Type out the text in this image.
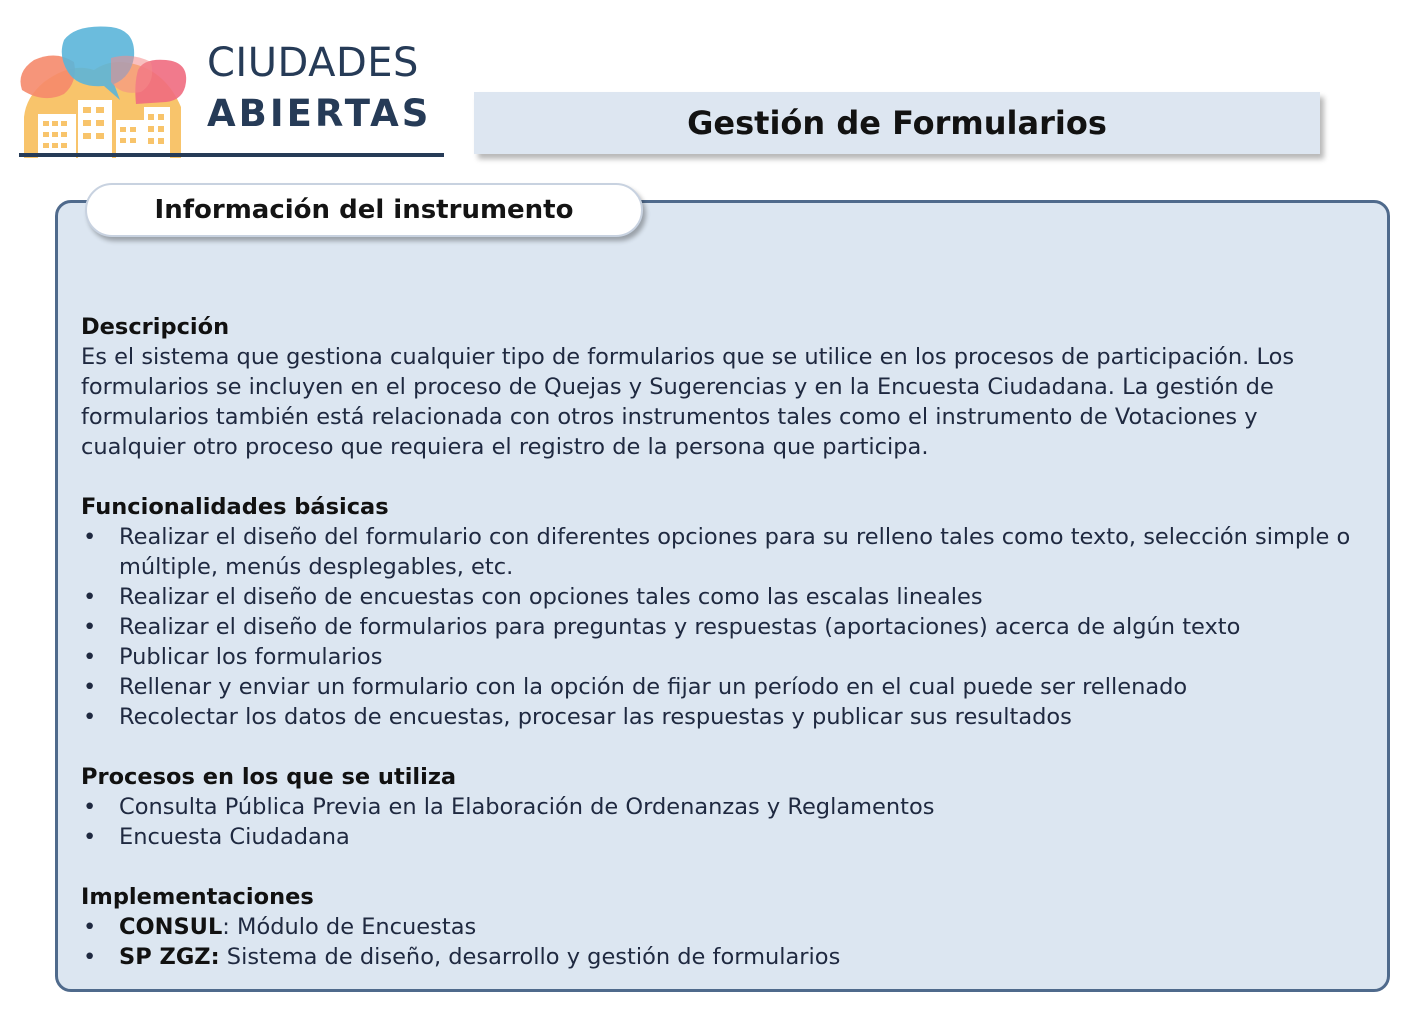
CIUDADES
ABIERTAS	Gestión de Formularios
Información del instrumento
Descripción

Es el sistema que gestiona cualquier tipo de formularios que se utilice en los procesos de participación. Los formularios se incluyen en el proceso de Quejas y Sugerencias y en la Encuesta Ciudadana. La gestión de formularios también está relacionada con otros instrumentos tales como el instrumento de Votaciones y cualquier otro proceso que requiera el registro de la persona que participa.

Funcionalidades básicas
• Realizar el diseño del formulario con diferentes opciones para su relleno tales como texto, selección simple o múltiple, menús desplegables, etc.
• Realizar el diseño de encuestas con opciones tales como las escalas lineales
• Realizar el diseño de formularios para preguntas y respuestas (aportaciones) acerca de algún texto
• Publicar los formularios
• Rellenar y enviar un formulario con la opción de fijar un período en el cual puede ser rellenado
• Recolectar los datos de encuestas, procesar las respuestas y publicar sus resultados
Procesos en los que se utiliza
• Consulta Pública Previa en la Elaboración de Ordenanzas y Reglamentos
• Encuesta Ciudadana
Implementaciones
• CONSUL: Módulo de Encuestas
• SP ZGZ: Sistema de diseño, desarrollo y gestión de formularios
